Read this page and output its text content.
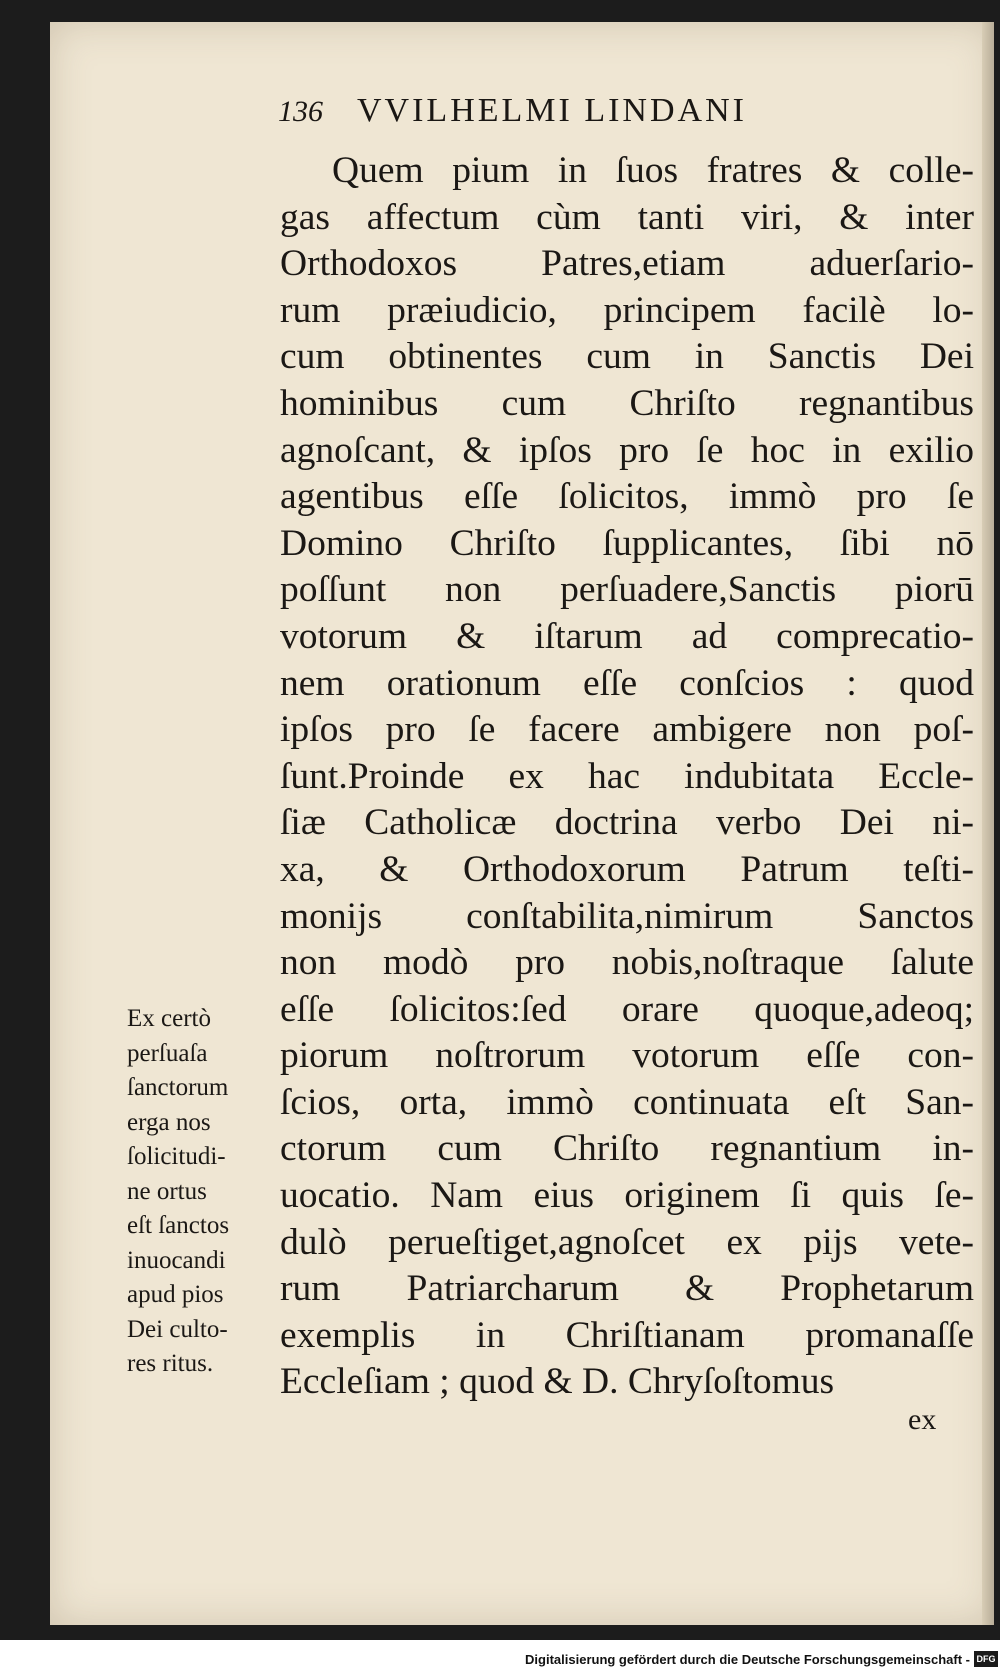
136 VVILHELMI LINDANI
Quem pium in ſuos fratres & colle-
gas affectum cùm tanti viri, & inter
Orthodoxos Patres,etiam aduerſario-
rum præiudicio, principem facilè lo-
cum obtinentes cum in Sanctis Dei
hominibus cum Chriſto regnantibus
agnoſcant, & ipſos pro ſe hoc in exilio
agentibus eſſe ſolicitos, immò pro ſe
Domino Chriſto ſupplicantes, ſibi nō
poſſunt non perſuadere,Sanctis piorū
votorum & iſtarum ad comprecatio-
nem orationum eſſe conſcios : quod
ipſos pro ſe facere ambigere non poſ-
ſunt.Proinde ex hac indubitata Eccle-
ſiæ Catholicæ doctrina verbo Dei ni-
xa, & Orthodoxorum Patrum teſti-
monijs conſtabilita,nimirum Sanctos
non modò pro nobis,noſtraque ſalute
eſſe ſolicitos:ſed orare quoque,adeoq;
piorum noſtrorum votorum eſſe con-
ſcios, orta, immò continuata eſt San-
ctorum cum Chriſto regnantium in-
uocatio. Nam eius originem ſi quis ſe-
dulò perueſtiget,agnoſcet ex pijs vete-
rum Patriarcharum & Prophetarum
exemplis in Chriſtianam promanaſſe
Eccleſiam ; quod & D. Chryſoſtomus
Ex certò
perſuaſa
ſanctorum
erga nos
ſolicitudi-
ne ortus
eſt ſanctos
inuocandi
apud pios
Dei cultο-
res ritus.
ex
Digitalisierung gefördert durch die Deutsche Forschungsgemeinschaft - DFG
